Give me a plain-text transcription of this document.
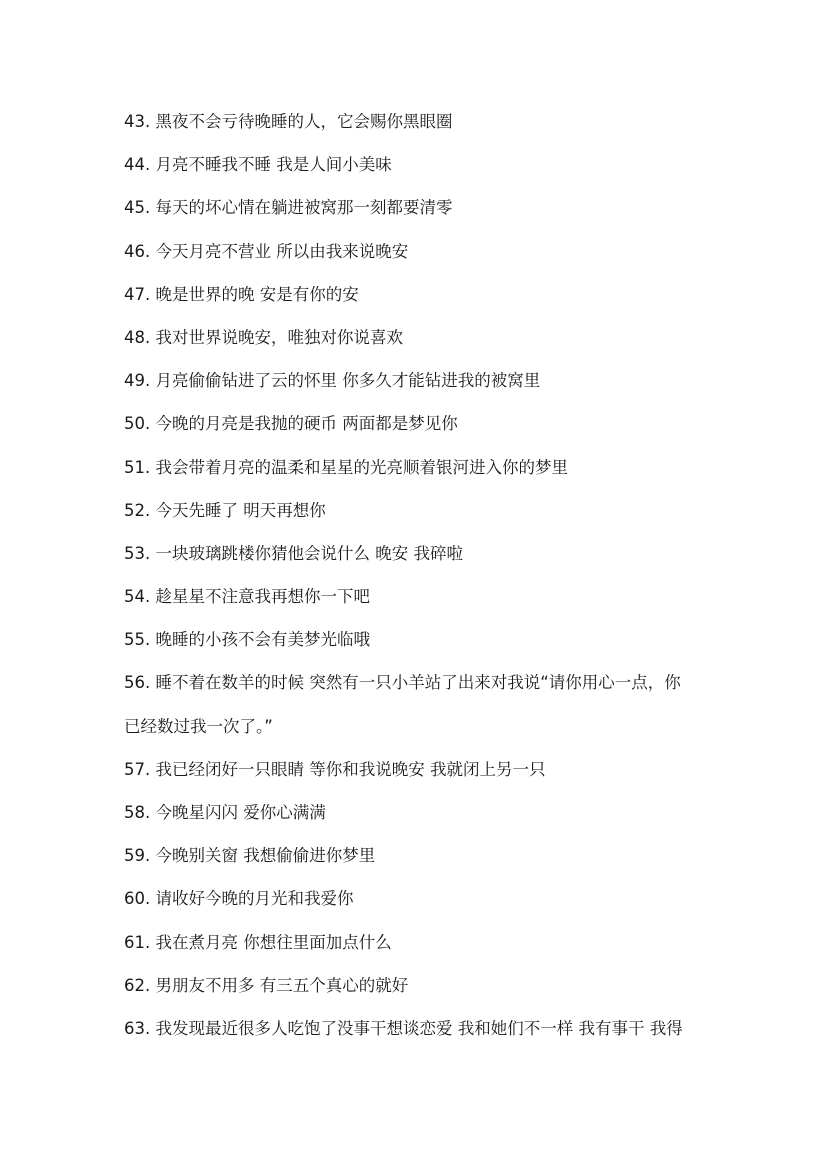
43. 黑夜不会亏待晚睡的人，它会赐你黑眼圈
44. 月亮不睡我不睡 我是人间小美味
45. 每天的坏心情在躺进被窝那一刻都要清零
46. 今天月亮不营业 所以由我来说晚安
47. 晚是世界的晚 安是有你的安
48. 我对世界说晚安，唯独对你说喜欢
49. 月亮偷偷钻进了云的怀里 你多久才能钻进我的被窝里
50. 今晚的月亮是我抛的硬币 两面都是梦见你
51. 我会带着月亮的温柔和星星的光亮顺着银河进入你的梦里
52. 今天先睡了 明天再想你
53. 一块玻璃跳楼你猜他会说什么 晚安 我碎啦
54. 趁星星不注意我再想你一下吧
55. 晚睡的小孩不会有美梦光临哦
56. 睡不着在数羊的时候 突然有一只小羊站了出来对我说“请你用心一点，你
已经数过我一次了。”
57. 我已经闭好一只眼睛 等你和我说晚安 我就闭上另一只
58. 今晚星闪闪 爱你心满满
59. 今晚别关窗 我想偷偷进你梦里
60. 请收好今晚的月光和我爱你
61. 我在煮月亮 你想往里面加点什么
62. 男朋友不用多 有三五个真心的就好
63. 我发现最近很多人吃饱了没事干想谈恋爱 我和她们不一样 我有事干 我得
